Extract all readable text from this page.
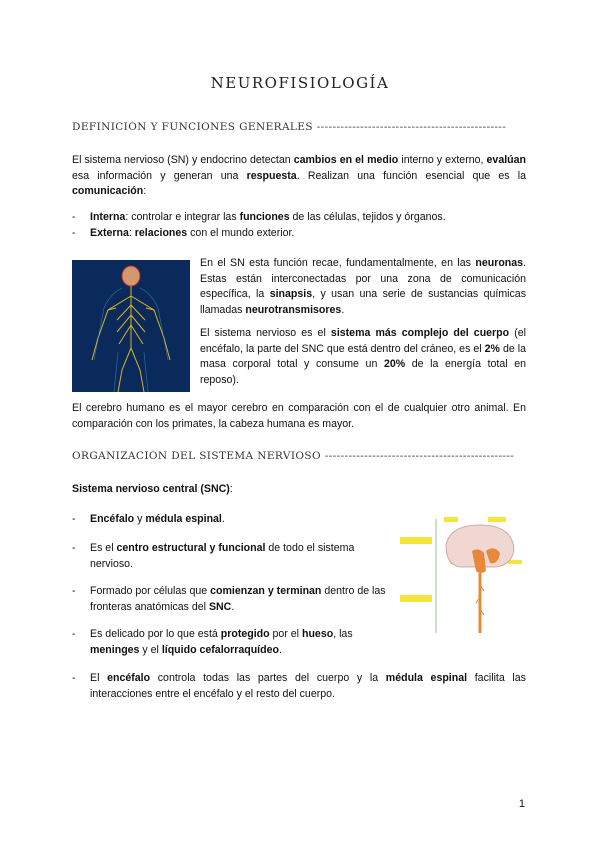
NEUROFISIOLOGÍA
DEFINICIÓN Y FUNCIONES GENERALES ------------------------------------------------
El sistema nervioso (SN) y endocrino detectan cambios en el medio interno y externo, evalúan esa información y generan una respuesta. Realizan una función esencial que es la comunicación:
- Interna: controlar e integrar las funciones de las células, tejidos y órganos.
- Externa: relaciones con el mundo exterior.
En el SN esta función recae, fundamentalmente, en las neuronas. Estas están interconectadas por una zona de comunicación específica, la sinapsis, y usan una serie de sustancias químicas llamadas neurotransmisores.
El sistema nervioso es el sistema más complejo del cuerpo (el encéfalo, la parte del SNC que está dentro del cráneo, es el 2% de la masa corporal total y consume un 20% de la energía total en reposo).
El cerebro humano es el mayor cerebro en comparación con el de cualquier otro animal. En comparación con los primates, la cabeza humana es mayor.
ORGANIZACIÓN DEL SISTEMA NERVIOSO ------------------------------------------------
Sistema nervioso central (SNC):
- Encéfalo y médula espinal.
- Es el centro estructural y funcional de todo el sistema nervioso.
- Formado por células que comienzan y terminan dentro de las fronteras anatómicas del SNC.
- Es delicado por lo que está protegido por el hueso, las meninges y el líquido cefalorraquídeo.
- El encéfalo controla todas las partes del cuerpo y la médula espinal facilita las interacciones entre el encéfalo y el resto del cuerpo.
1
